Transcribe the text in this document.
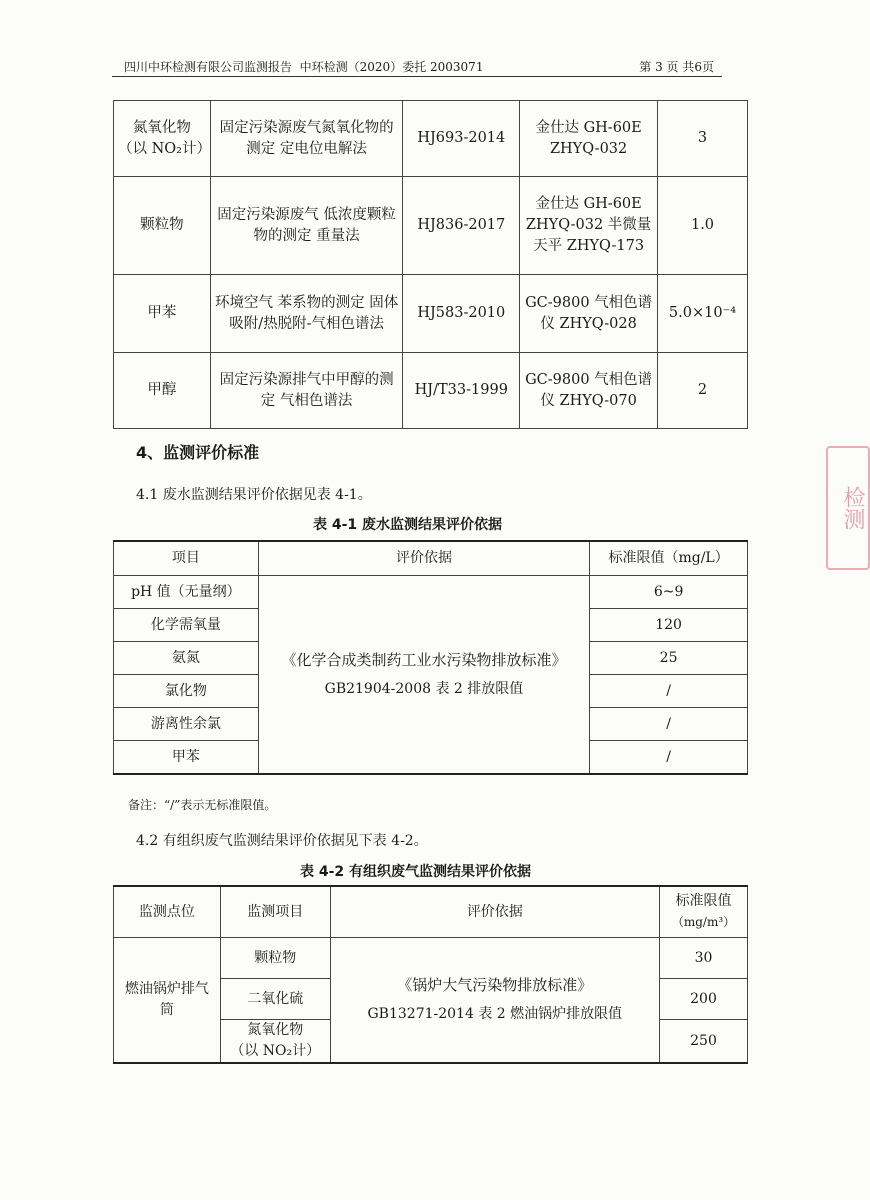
四川中环检测有限公司监测报告 中环检测（2020）委托 2003071	第 3 页 共6页
氮氧化物
（以 NO₂计）	固定污染源废气氮氧化物的测定 定电位电解法	HJ693-2014	金仕达 GH-60E ZHYQ-032	3
颗粒物	固定污染源废气 低浓度颗粒物的测定 重量法	HJ836-2017	金仕达 GH-60E ZHYQ-032 半微量天平 ZHYQ-173	1.0
甲苯	环境空气 苯系物的测定 固体吸附/热脱附-气相色谱法	HJ583-2010	GC-9800 气相色谱仪 ZHYQ-028	5.0×10⁻⁴
甲醇	固定污染源排气中甲醇的测定 气相色谱法	HJ/T33-1999	GC-9800 气相色谱仪 ZHYQ-070	2
4、监测评价标准
4.1 废水监测结果评价依据见表 4-1。
表 4-1 废水监测结果评价依据
项目	评价依据	标准限值（mg/L）
pH 值（无量纲）	《化学合成类制药工业水污染物排放标准》
GB21904-2008 表 2 排放限值	6~9
化学需氧量		120
氨氮		25
氯化物		/
游离性余氯		/
甲苯		/
备注：“/”表示无标准限值。
4.2 有组织废气监测结果评价依据见下表 4-2。
表 4-2 有组织废气监测结果评价依据
监测点位	监测项目	评价依据	标准限值
（mg/m³）

燃油锅炉排气筒	颗粒物	《锅炉大气污染物排放标准》
GB13271-2014 表 2 燃油锅炉排放限值	30
	二氧化硫		200

	氮氧化物
（以 NO₂计）		250
检测
